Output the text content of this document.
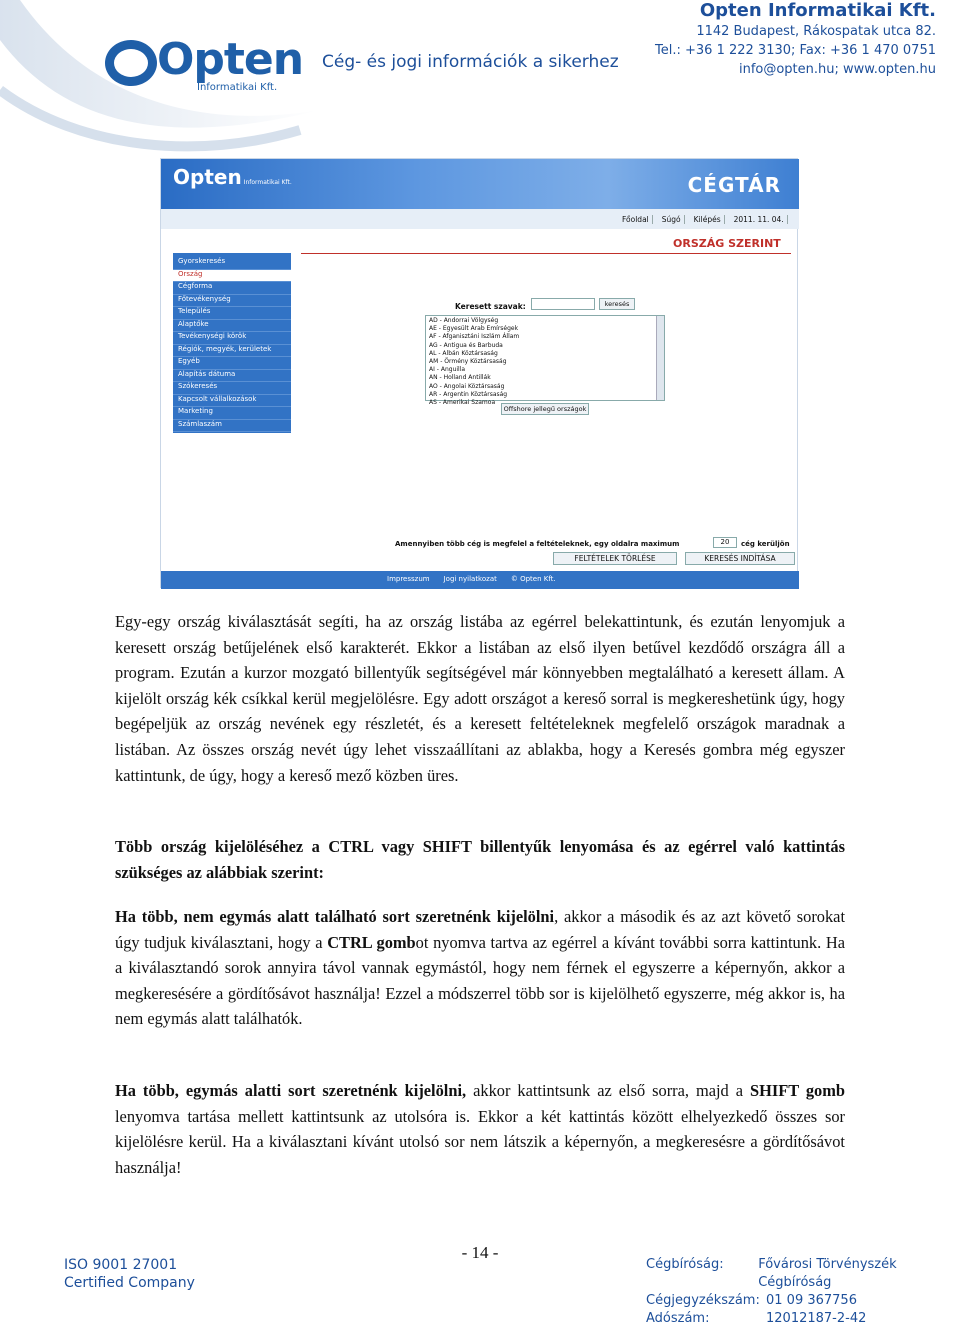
Opten
Informatikai Kft.
Cég- és jogi információk a sikerhez
Opten Informatikai Kft.
1142 Budapest, Rákospatak utca 82.
Tel.: +36 1 222 3130; Fax: +36 1 470 0751
info@opten.hu; www.opten.hu
Opten Informatikai Kft.	CÉGTÁR
Főoldal	Súgó	Kilépés	2011. 11. 04.
ORSZÁG SZERINT
Gyorskeresés
Ország
Cégforma
Főtevékenység
Település
Alaptőke
Tevékenységi körök
Régiók, megyék, kerületek
Egyéb
Alapítás dátuma
Szókeresés
Kapcsolt vállalkozások
Marketing
Számlaszám
Keresett szavak:	keresés
AD - Andorrai Völgység
AE - Egyesült Arab Emírségek
AF - Afganisztáni Iszlám Állam
AG - Antigua és Barbuda
AL - Albán Köztársaság
AM - Örmény Köztársaság
AI - Anguilla
AN - Holland Antillák
AO - Angolai Köztársaság
AR - Argentin Köztársaság
AS - Amerikai Szamoa
Offshore jellegű országok
Amennyiben több cég is megfelel a feltételeknek, egy oldalra maximum	20	cég kerüljön
FELTÉTELEK TÖRLÉSE	KERESÉS INDÍTÁSA
Impresszum Jogi nyilatkozat © Opten Kft.

Egy-egy ország kiválasztását segíti, ha az ország listába az egérrel belekattintunk, és ezután lenyomjuk a keresett ország betűjelének első karakterét. Ekkor a listában az első ilyen betűvel kezdődő országra áll a program. Ezután a kurzor mozgató billentyűk segítségével már könnyebben megtalálható a keresett állam. A kijelölt ország kék csíkkal kerül megjelölésre. Egy adott országot a kereső sorral is megkereshetünk úgy, hogy begépeljük az ország nevének egy részletét, és a keresett feltételeknek megfelelő országok maradnak a listában. Az összes ország nevét úgy lehet visszaállítani az ablakba, hogy a Keresés gombra még egyszer kattintunk, de úgy, hogy a kereső mező közben üres.

Több ország kijelöléséhez a CTRL vagy SHIFT billentyűk lenyomása és az egérrel való kattintás szükséges az alábbiak szerint:

Ha több, nem egymás alatt található sort szeretnénk kijelölni, akkor a második és az azt követő sorokat úgy tudjuk kiválasztani, hogy a CTRL gombot nyomva tartva az egérrel a kívánt további sorra kattintunk. Ha a kiválasztandó sorok annyira távol vannak egymástól, hogy nem férnek el egyszerre a képernyőn, akkor a megkeresésére a gördítősávot használja! Ezzel a módszerrel több sor is kijelölhető egyszerre, még akkor is, ha nem egymás alatt találhatók.

Ha több, egymás alatti sort szeretnénk kijelölni, akkor kattintsunk az első sorra, majd a SHIFT gomb lenyomva tartása mellett kattintsunk az utolsóra is. Ekkor a két kattintás között elhelyezkedő összes sor kijelölésre kerül. Ha a kiválasztani kívánt utolsó sor nem látszik a képernyőn, a megkeresésre a gördítősávot használja!

- 14 -
ISO 9001 27001
Certified Company
Cégbíróság:	Fővárosi Törvényszék Cégbíróság
Cégjegyzékszám: 01 09 367756
Adószám:	12012187-2-42
